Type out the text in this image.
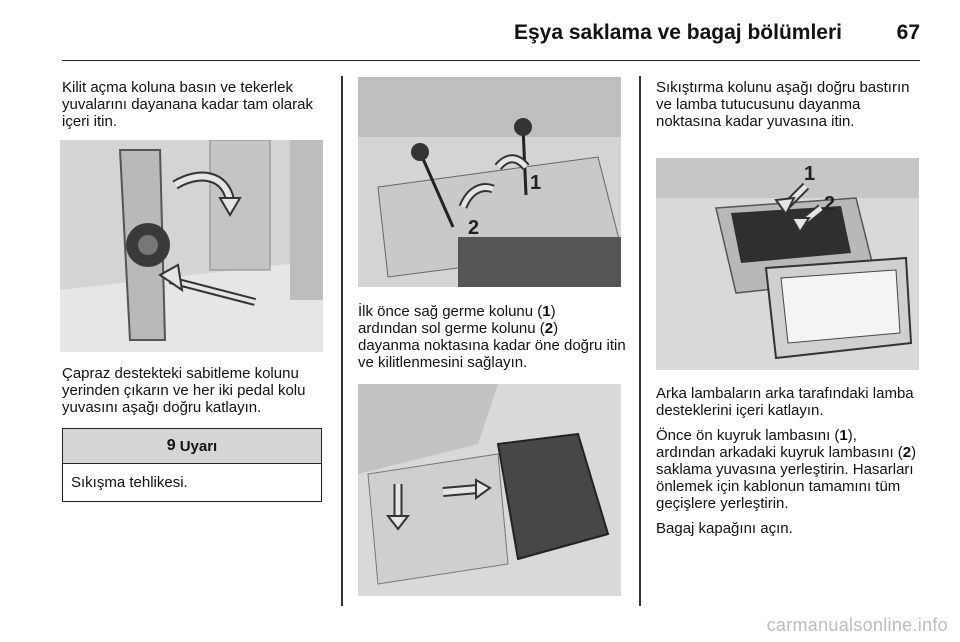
Eşya saklama ve bagaj bölümleri	67

Kilit açma koluna basın ve tekerlek yuvalarını dayanana kadar tam olarak içeri itin.

Çapraz destekteki sabitleme kolunu yerinden çıkarın ve her iki pedal kolu yuvasını aşağı doğru katlayın.

9 Uyarı
Sıkışma tehlikesi.
1
2

İlk önce sağ germe kolunu (1)
ardından sol germe kolunu (2)
dayanma noktasına kadar öne doğru itin ve kilitlenmesini sağlayın.

Sıkıştırma kolunu aşağı doğru bastırın ve lamba tutucusunu dayanma noktasına kadar yuvasına itin.

1
2

Arka lambaların arka tarafındaki lamba desteklerini içeri katlayın.

Önce ön kuyruk lambasını (1),
ardından arkadaki kuyruk lambasını (2) saklama yuvasına yerleştirin. Hasarları önlemek için kablonun tamamını tüm geçişlere yerleştirin.

Bagaj kapağını açın.

carmanualsonline.info
